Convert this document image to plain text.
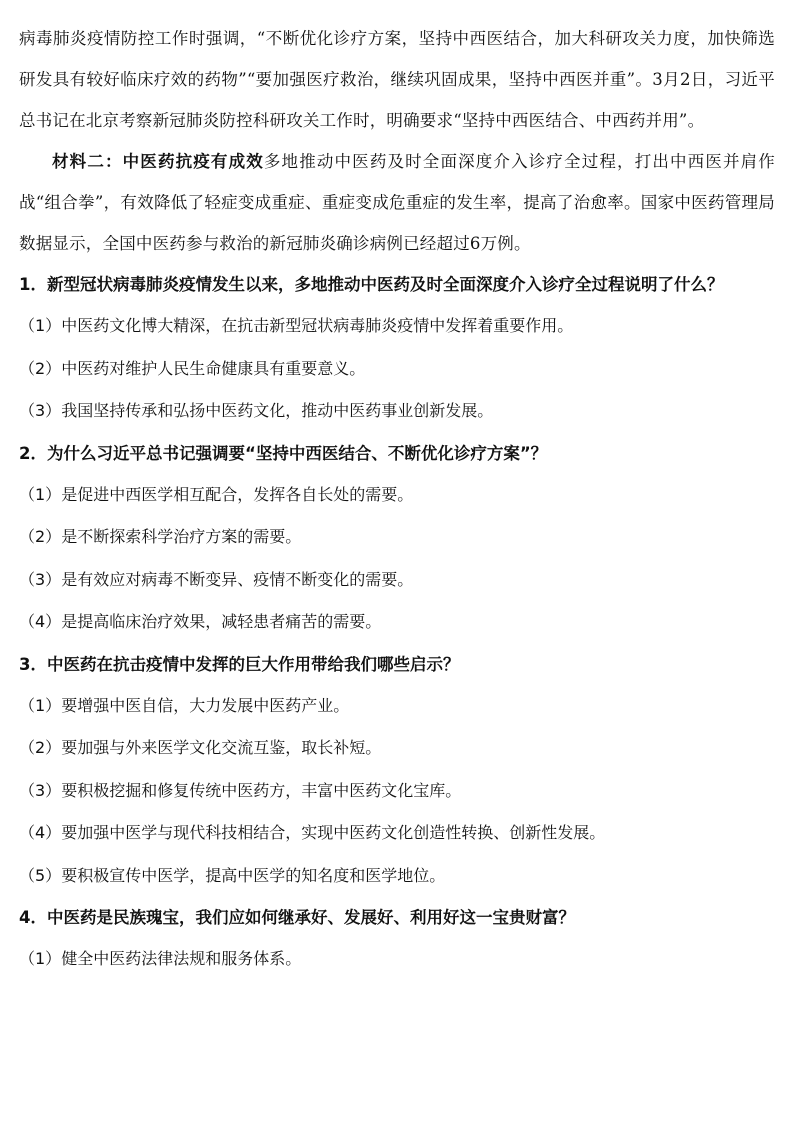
病毒肺炎疫情防控工作时强调，“不断优化诊疗方案，坚持中西医结合，加大科研攻关力度，加快筛选研发具有较好临床疗效的药物”“要加强医疗救治，继续巩固成果，坚持中西医并重”。3月2日，习近平总书记在北京考察新冠肺炎防控科研攻关工作时，明确要求“坚持中西医结合、中西药并用”。

材料二：中医药抗疫有成效多地推动中医药及时全面深度介入诊疗全过程，打出中西医并肩作战“组合拳”，有效降低了轻症变成重症、重症变成危重症的发生率，提高了治愈率。国家中医药管理局数据显示，全国中医药参与救治的新冠肺炎确诊病例已经超过6万例。

1．新型冠状病毒肺炎疫情发生以来，多地推动中医药及时全面深度介入诊疗全过程说明了什么？

（1）中医药文化博大精深，在抗击新型冠状病毒肺炎疫情中发挥着重要作用。

（2）中医药对维护人民生命健康具有重要意义。

（3）我国坚持传承和弘扬中医药文化，推动中医药事业创新发展。

2．为什么习近平总书记强调要“坚持中西医结合、不断优化诊疗方案”？

（1）是促进中西医学相互配合，发挥各自长处的需要。

（2）是不断探索科学治疗方案的需要。

（3）是有效应对病毒不断变异、疫情不断变化的需要。

（4）是提高临床治疗效果，减轻患者痛苦的需要。

3．中医药在抗击疫情中发挥的巨大作用带给我们哪些启示？

（1）要增强中医自信，大力发展中医药产业。

（2）要加强与外来医学文化交流互鉴，取长补短。

（3）要积极挖掘和修复传统中医药方，丰富中医药文化宝库。

（4）要加强中医学与现代科技相结合，实现中医药文化创造性转换、创新性发展。

（5）要积极宣传中医学，提高中医学的知名度和医学地位。

4．中医药是民族瑰宝，我们应如何继承好、发展好、利用好这一宝贵财富？

（1）健全中医药法律法规和服务体系。
